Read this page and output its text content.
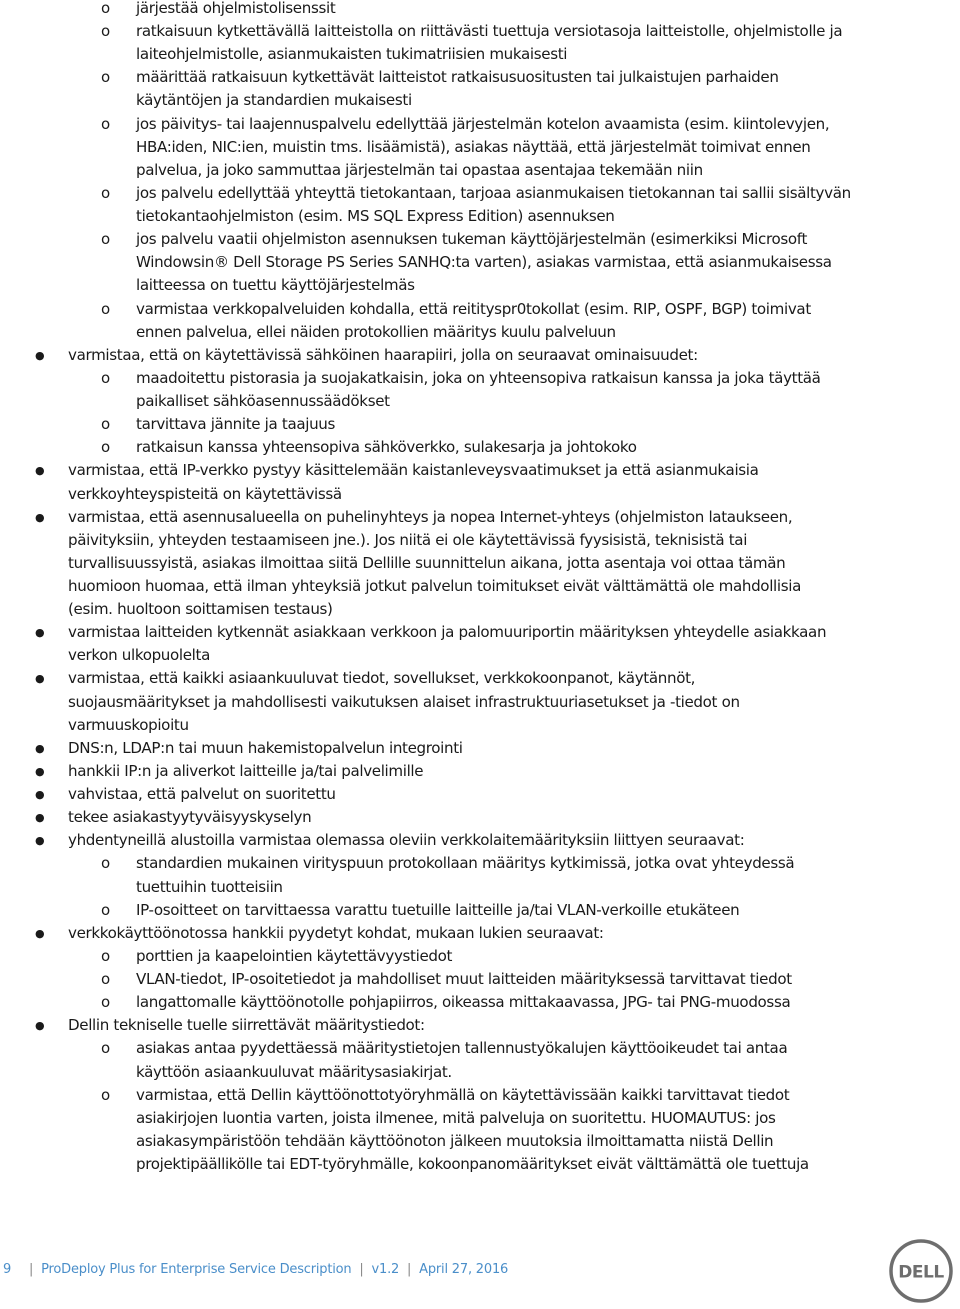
o järjestää ohjelmistolisenssit
o ratkaisuun kytkettävällä laitteistolla on riittävästi tuettuja versiotasoja laitteistolle, ohjelmistolle ja
laiteohjelmistolle, asianmukaisten tukimatriisien mukaisesti
o määrittää ratkaisuun kytkettävät laitteistot ratkaisusuositusten tai julkaistujen parhaiden
käytäntöjen ja standardien mukaisesti
o jos päivitys- tai laajennuspalvelu edellyttää järjestelmän kotelon avaamista (esim. kiintolevyjen,
HBA:iden, NIC:ien, muistin tms. lisäämistä), asiakas näyttää, että järjestelmät toimivat ennen
palvelua, ja joko sammuttaa järjestelmän tai opastaa asentajaa tekemään niin
o jos palvelu edellyttää yhteyttä tietokantaan, tarjoaa asianmukaisen tietokannan tai sallii sisältyvän
tietokantaohjelmiston (esim. MS SQL Express Edition) asennuksen
o jos palvelu vaatii ohjelmiston asennuksen tukeman käyttöjärjestelmän (esimerkiksi Microsoft
Windowsin® Dell Storage PS Series SANHQ:ta varten), asiakas varmistaa, että asianmukaisessa
laitteessa on tuettu käyttöjärjestelmäs
o varmistaa verkkopalveluiden kohdalla, että reitityspr0tokollat (esim. RIP, OSPF, BGP) toimivat
ennen palvelua, ellei näiden protokollien määritys kuulu palveluun
● varmistaa, että on käytettävissä sähköinen haarapiiri, jolla on seuraavat ominaisuudet:
o maadoitettu pistorasia ja suojakatkaisin, joka on yhteensopiva ratkaisun kanssa ja joka täyttää
paikalliset sähköasennussäädökset
o tarvittava jännite ja taajuus
o ratkaisun kanssa yhteensopiva sähköverkko, sulakesarja ja johtokoko
● varmistaa, että IP-verkko pystyy käsittelemään kaistanleveysvaatimukset ja että asianmukaisia
verkkoyhteyspisteitä on käytettävissä
● varmistaa, että asennusalueella on puhelinyhteys ja nopea Internet-yhteys (ohjelmiston lataukseen,
päivityksiin, yhteyden testaamiseen jne.). Jos niitä ei ole käytettävissä fyysisistä, teknisistä tai
turvallisuussyistä, asiakas ilmoittaa siitä Dellille suunnittelun aikana, jotta asentaja voi ottaa tämän
huomioon huomaa, että ilman yhteyksiä jotkut palvelun toimitukset eivät välttämättä ole mahdollisia
(esim. huoltoon soittamisen testaus)
● varmistaa laitteiden kytkennät asiakkaan verkkoon ja palomuuriportin määrityksen yhteydelle asiakkaan
verkon ulkopuolelta
● varmistaa, että kaikki asiaankuuluvat tiedot, sovellukset, verkkokoonpanot, käytännöt,
suojausmääritykset ja mahdollisesti vaikutuksen alaiset infrastruktuuriasetukset ja -tiedot on
varmuuskopioitu
● DNS:n, LDAP:n tai muun hakemistopalvelun integrointi
● hankkii IP:n ja aliverkot laitteille ja/tai palvelimille
● vahvistaa, että palvelut on suoritettu
● tekee asiakastyytyväisyyskyselyn
● yhdentyneillä alustoilla varmistaa olemassa oleviin verkkolaitemäärityksiin liittyen seuraavat:
o standardien mukainen virityspuun protokollaan määritys kytkimissä, jotka ovat yhteydessä
tuettuihin tuotteisiin
o IP-osoitteet on tarvittaessa varattu tuetuille laitteille ja/tai VLAN-verkoille etukäteen
● verkkokäyttöönotossa hankkii pyydetyt kohdat, mukaan lukien seuraavat:
o porttien ja kaapelointien käytettävyystiedot
o VLAN-tiedot, IP-osoitetiedot ja mahdolliset muut laitteiden määrityksessä tarvittavat tiedot
o langattomalle käyttöönotolle pohjapiirros, oikeassa mittakaavassa, JPG- tai PNG-muodossa
● Dellin tekniselle tuelle siirrettävät määritystiedot:
o asiakas antaa pyydettäessä määritystietojen tallennustyökalujen käyttöoikeudet tai antaa
käyttöön asiaankuuluvat määritysasiakirjat.
o varmistaa, että Dellin käyttöönottotyöryhmällä on käytettävissään kaikki tarvittavat tiedot
asiakirjojen luontia varten, joista ilmenee, mitä palveluja on suoritettu. HUOMAUTUS: jos
asiakasympäristöön tehdään käyttöönoton jälkeen muutoksia ilmoittamatta niistä Dellin
projektipäällikölle tai EDT-työryhmälle, kokoonpanomääritykset eivät välttämättä ole tuettuja
9 | ProDeploy Plus for Enterprise Service Description | v1.2 | April 27, 2016	DELL
